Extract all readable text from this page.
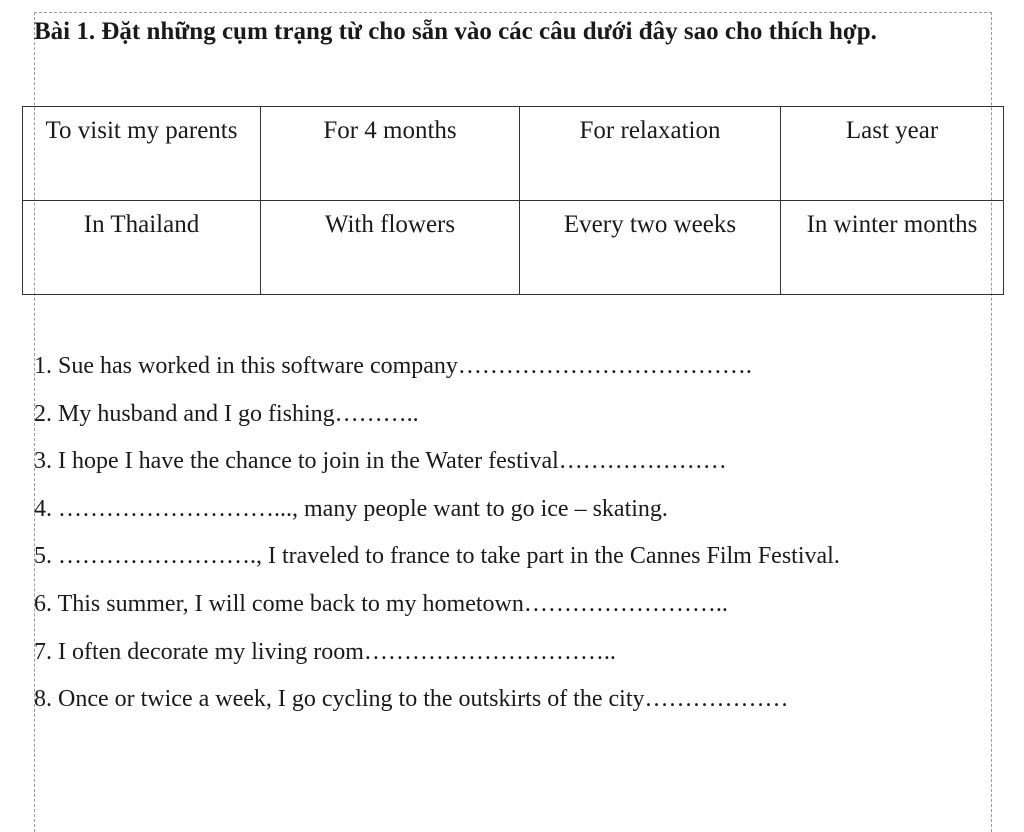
Bài 1. Đặt những cụm trạng từ cho sẵn vào các câu dưới đây sao cho thích hợp.
To visit my parents	For 4 months	For relaxation	Last year
In Thailand	With flowers	Every two weeks	In winter months
1. Sue has worked in this software company……………………………….
2. My husband and I go fishing………..
3. I hope I have the chance to join in the Water festival…………………
4. ………………………..., many people want to go ice – skating.
5. ……………………., I traveled to france to take part in the Cannes Film Festival.
6. This summer, I will come back to my hometown……………………..
7. I often decorate my living room…………………………..
8. Once or twice a week, I go cycling to the outskirts of the city………………
